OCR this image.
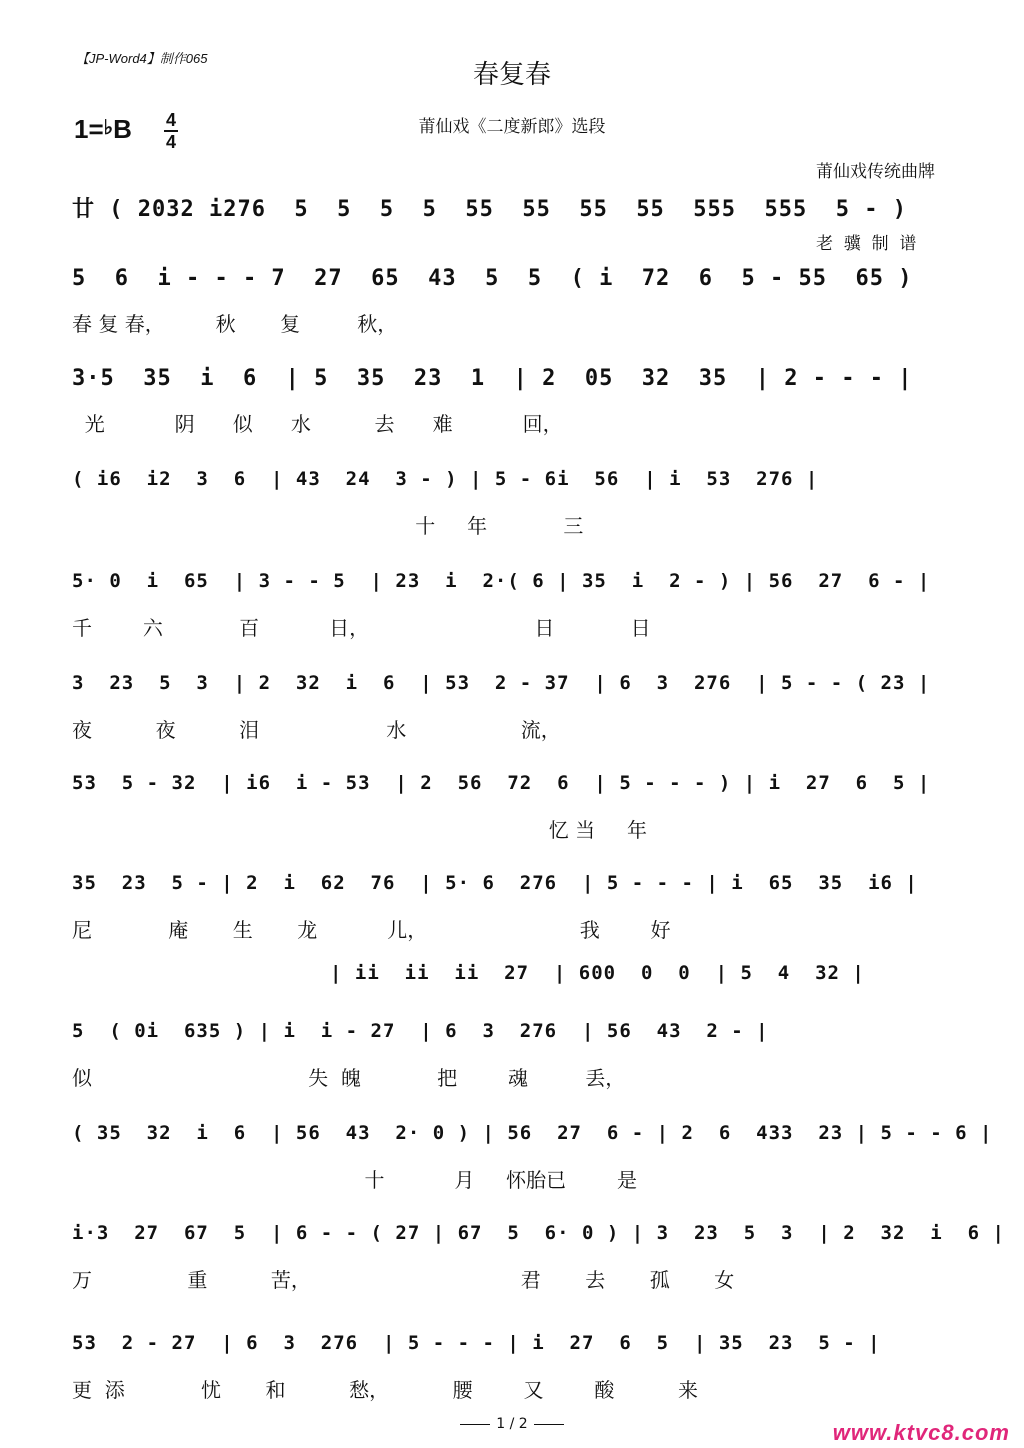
【JP-Word4】制作065
春复春
1=♭B 4
4
莆仙戏《二度新郎》选段

莆仙戏传统曲牌

老  骥  制  谱

廿 ( 2032 i276  5  5  5  5  55  55  55  55  555  555  5 - )
5  6  i - - - 7  27  65  43  5  5  ( i  72  6  5 - 55  65 )
春 复 春，        秋       复         秋，
3·5  35  i  6  | 5  35  23  1  | 2  05  32  35  | 2 - - - |
光           阴      似      水          去      难           回，
( i6  i2  3  6  | 43  24  3 - ) | 5 - 6i  56  | i  53  276 |
十     年            三
5· 0  i  65  | 3 - - 5  | 23  i  2·( 6 | 35  i  2 - ) | 56  27  6 - |
千        六            百           日，                          日            日
3  23  5  3  | 2  32  i  6  | 53  2 - 37  | 6  3  276  | 5 - - ( 23 |
夜          夜          泪                    水                  流，
53  5 - 32  | i6  i - 53  | 2  56  72  6  | 5 - - - ) | i  27  6  5 |
忆 当     年
35  23  5 - | 2  i  62  76  | 5· 6  276  | 5 - - - | i  65  35  i6 |
尼            庵       生       龙           儿，                        我        好
| ii  ii  ii  27  | 600  0  0  | 5  4  32 |
5  ( 0i  635 ) | i  i - 27  | 6  3  276  | 56  43  2 - |
似                                  失  魄            把        魂         丢，
( 35  32  i  6  | 56  43  2· 0 ) | 56  27  6 - | 2  6  433  23 | 5 - - 6 |
十           月     怀胎已        是
i·3  27  67  5  | 6 - - ( 27 | 67  5  6· 0 ) | 3  23  5  3  | 2  32  i  6 |
万               重          苦，                                 君       去       孤       女
53  2 - 27  | 6  3  276  | 5 - - - | i  27  6  5  | 35  23  5 - |
更  添            忧       和          愁，          腰        又        酸          来
1 / 2	www.ktvc8.com
